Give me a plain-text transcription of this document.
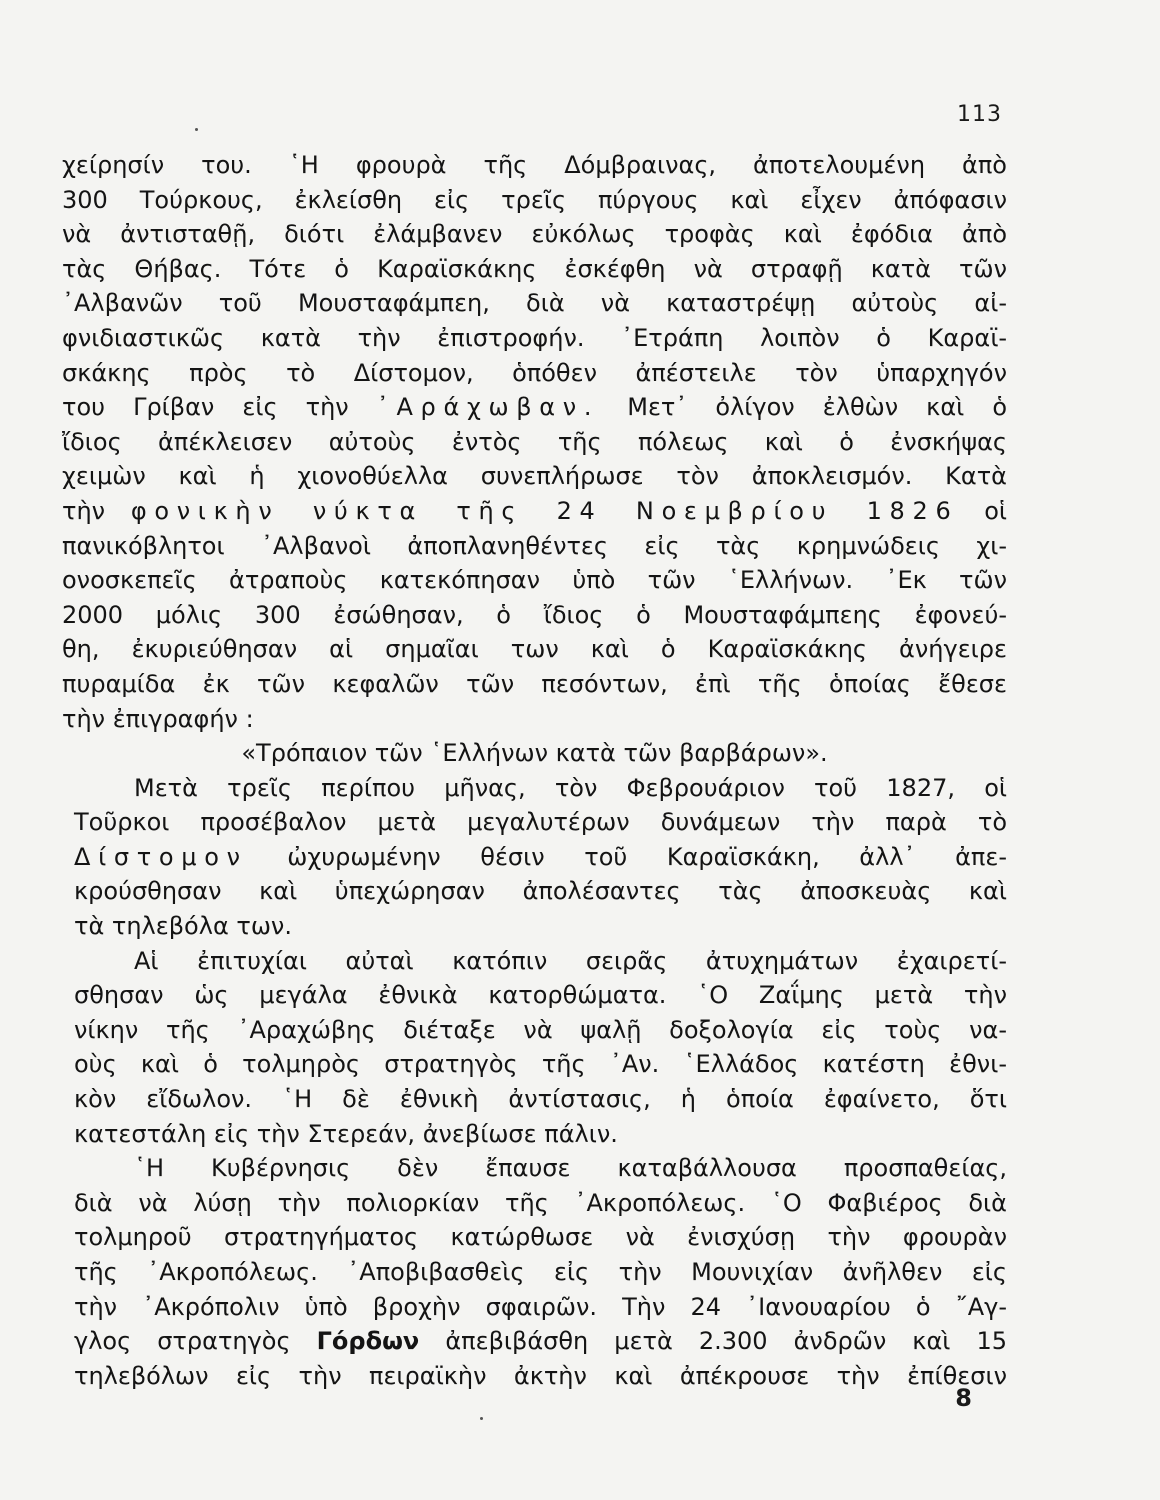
113
χείρησίν του. ῾Η φρουρὰ τῆς Δόμβραινας, ἀποτελουμένη ἀπὸ
300 Τούρκους, ἐκλείσθη εἰς τρεῖς πύργους καὶ εἶχεν ἀπόφασιν
νὰ ἀντισταθῇ, διότι ἐλάμβανεν εὐκόλως τροφὰς καὶ ἐφόδια ἀπὸ
τὰς Θήβας. Τότε ὁ Καραϊσκάκης ἐσκέφθη νὰ στραφῇ κατὰ τῶν
᾽Αλβανῶν τοῦ Μουσταφάμπεη, διὰ νὰ καταστρέψῃ αὐτοὺς αἰ-
φνιδιαστικῶς κατὰ τὴν ἐπιστροφήν. ᾽Ετράπη λοιπὸν ὁ Καραϊ-
σκάκης πρὸς τὸ Δίστομον, ὁπόθεν ἀπέστειλε τὸν ὑπαρχηγόν
του Γρίβαν εἰς τὴν ᾽Αράχωβαν. Μετ᾽ ὀλίγον ἐλθὼν καὶ ὁ
ἴδιος ἀπέκλεισεν αὐτοὺς ἐντὸς τῆς πόλεως καὶ ὁ ἐνσκήψας
χειμὼν καὶ ἡ χιονοθύελλα συνεπλήρωσε τὸν ἀποκλεισμόν. Κατὰ
τὴν φονικὴν νύκτα τῆς 24 Νοεμβρίου 1826 οἱ
πανικόβλητοι ᾽Αλβανοὶ ἀποπλανηθέντες εἰς τὰς κρημνώδεις χι-
ονοσκεπεῖς ἀτραποὺς κατεκόπησαν ὑπὸ τῶν ῾Ελλήνων. ᾽Εκ τῶν
2000 μόλις 300 ἐσώθησαν, ὁ ἴδιος ὁ Μουσταφάμπεης ἐφονεύ-
θη, ἐκυριεύθησαν αἱ σημαῖαι των καὶ ὁ Καραϊσκάκης ἀνήγειρε
πυραμίδα ἐκ τῶν κεφαλῶν τῶν πεσόντων, ἐπὶ τῆς ὁποίας ἔθεσε
τὴν ἐπιγραφήν :
«Τρόπαιον τῶν ῾Ελλήνων κατὰ τῶν βαρβάρων».
Μετὰ τρεῖς περίπου μῆνας, τὸν Φεβρουάριον τοῦ 1827, οἱ
Τοῦρκοι προσέβαλον μετὰ μεγαλυτέρων δυνάμεων τὴν παρὰ τὸ
Δίστομον ὠχυρωμένην θέσιν τοῦ Καραϊσκάκη, ἀλλ᾽ ἀπε-
κρούσθησαν καὶ ὑπεχώρησαν ἀπολέσαντες τὰς ἀποσκευὰς καὶ
τὰ τηλεβόλα των.
Αἱ ἐπιτυχίαι αὐταὶ κατόπιν σειρᾶς ἀτυχημάτων ἐχαιρετί-
σθησαν ὡς μεγάλα ἐθνικὰ κατορθώματα. ῾Ο Ζαΐμης μετὰ τὴν
νίκην τῆς ᾽Αραχώβης διέταξε νὰ ψαλῇ δοξολογία εἰς τοὺς να-
οὺς καὶ ὁ τολμηρὸς στρατηγὸς τῆς ᾽Αν. ῾Ελλάδος κατέστη ἐθνι-
κὸν εἴδωλον. ῾Η δὲ ἐθνικὴ ἀντίστασις, ἡ ὁποία ἐφαίνετο, ὅτι
κατεστάλη εἰς τὴν Στερεάν, ἀνεβίωσε πάλιν.
῾Η Κυβέρνησις δὲν ἔπαυσε καταβάλλουσα προσπαθείας,
διὰ νὰ λύσῃ τὴν πολιορκίαν τῆς ᾽Ακροπόλεως. ῾Ο Φαβιέρος διὰ
τολμηροῦ στρατηγήματος κατώρθωσε νὰ ἐνισχύσῃ τὴν φρουρὰν
τῆς ᾽Ακροπόλεως. ᾽Αποβιβασθεὶς εἰς τὴν Μουνιχίαν ἀνῆλθεν εἰς
τὴν ᾽Ακρόπολιν ὑπὸ βροχὴν σφαιρῶν. Τὴν 24 ᾽Ιανουαρίου ὁ ῎Αγ-
γλος στρατηγὸς Γόρδων ἀπεβιβάσθη μετὰ 2.300 ἀνδρῶν καὶ 15
τηλεβόλων εἰς τὴν πειραϊκὴν ἀκτὴν καὶ ἀπέκρουσε τὴν ἐπίθεσιν
8
